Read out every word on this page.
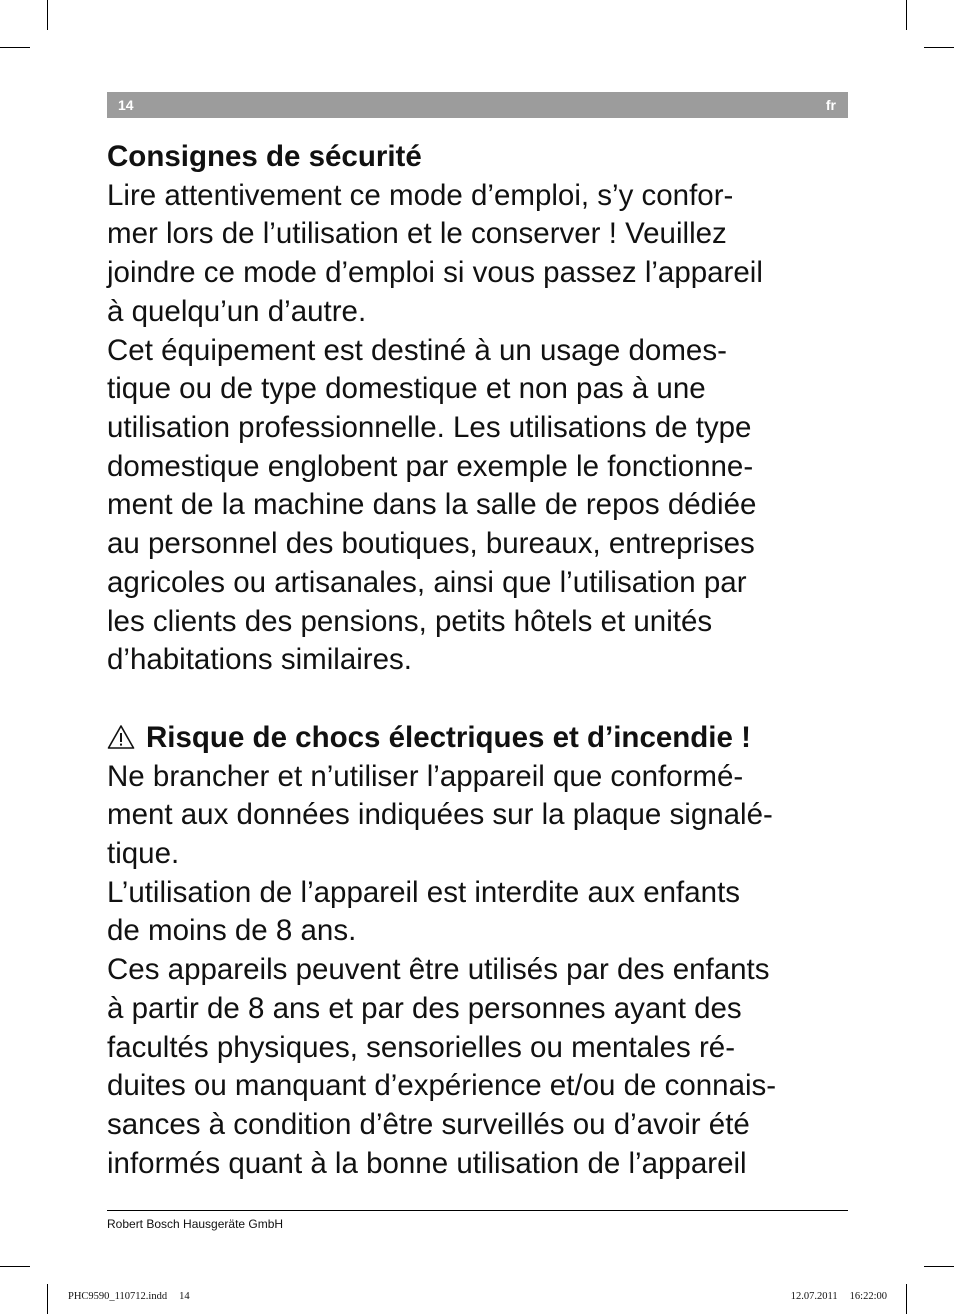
14	fr
Consignes de sécurité
Lire attentivement ce mode d’emploi, s’y confor-
mer lors de l’utilisation et le conserver ! Veuillez
joindre ce mode d’emploi si vous passez l’appareil
à quelqu’un d’autre.
Cet équipement est destiné à un usage domes-
tique ou de type domestique et non pas à une
utilisation professionnelle. Les utilisations de type
domestique englobent par exemple le fonctionne-
ment de la machine dans la salle de repos dédiée
au personnel des boutiques, bureaux, entreprises
agricoles ou artisanales, ainsi que l’utilisation par
les clients des pensions, petits hôtels et unités
d’habitations similaires.
Risque de chocs électriques et d’incendie !
Ne brancher et n’utiliser l’appareil que conformé-
ment aux données indiquées sur la plaque signalé-
tique.
L’utilisation de l’appareil est interdite aux enfants
de moins de 8 ans.
Ces appareils peuvent être utilisés par des enfants
à partir de 8 ans et par des personnes ayant des
facultés physiques, sensorielles ou mentales ré-
duites ou manquant d’expérience et/ou de connais-
sances à condition d’être surveillés ou d’avoir été
informés quant à la bonne utilisation de l’appareil
Robert Bosch Hausgeräte GmbH
PHC9590_110712.indd 14	12.07.2011 16:22:00
